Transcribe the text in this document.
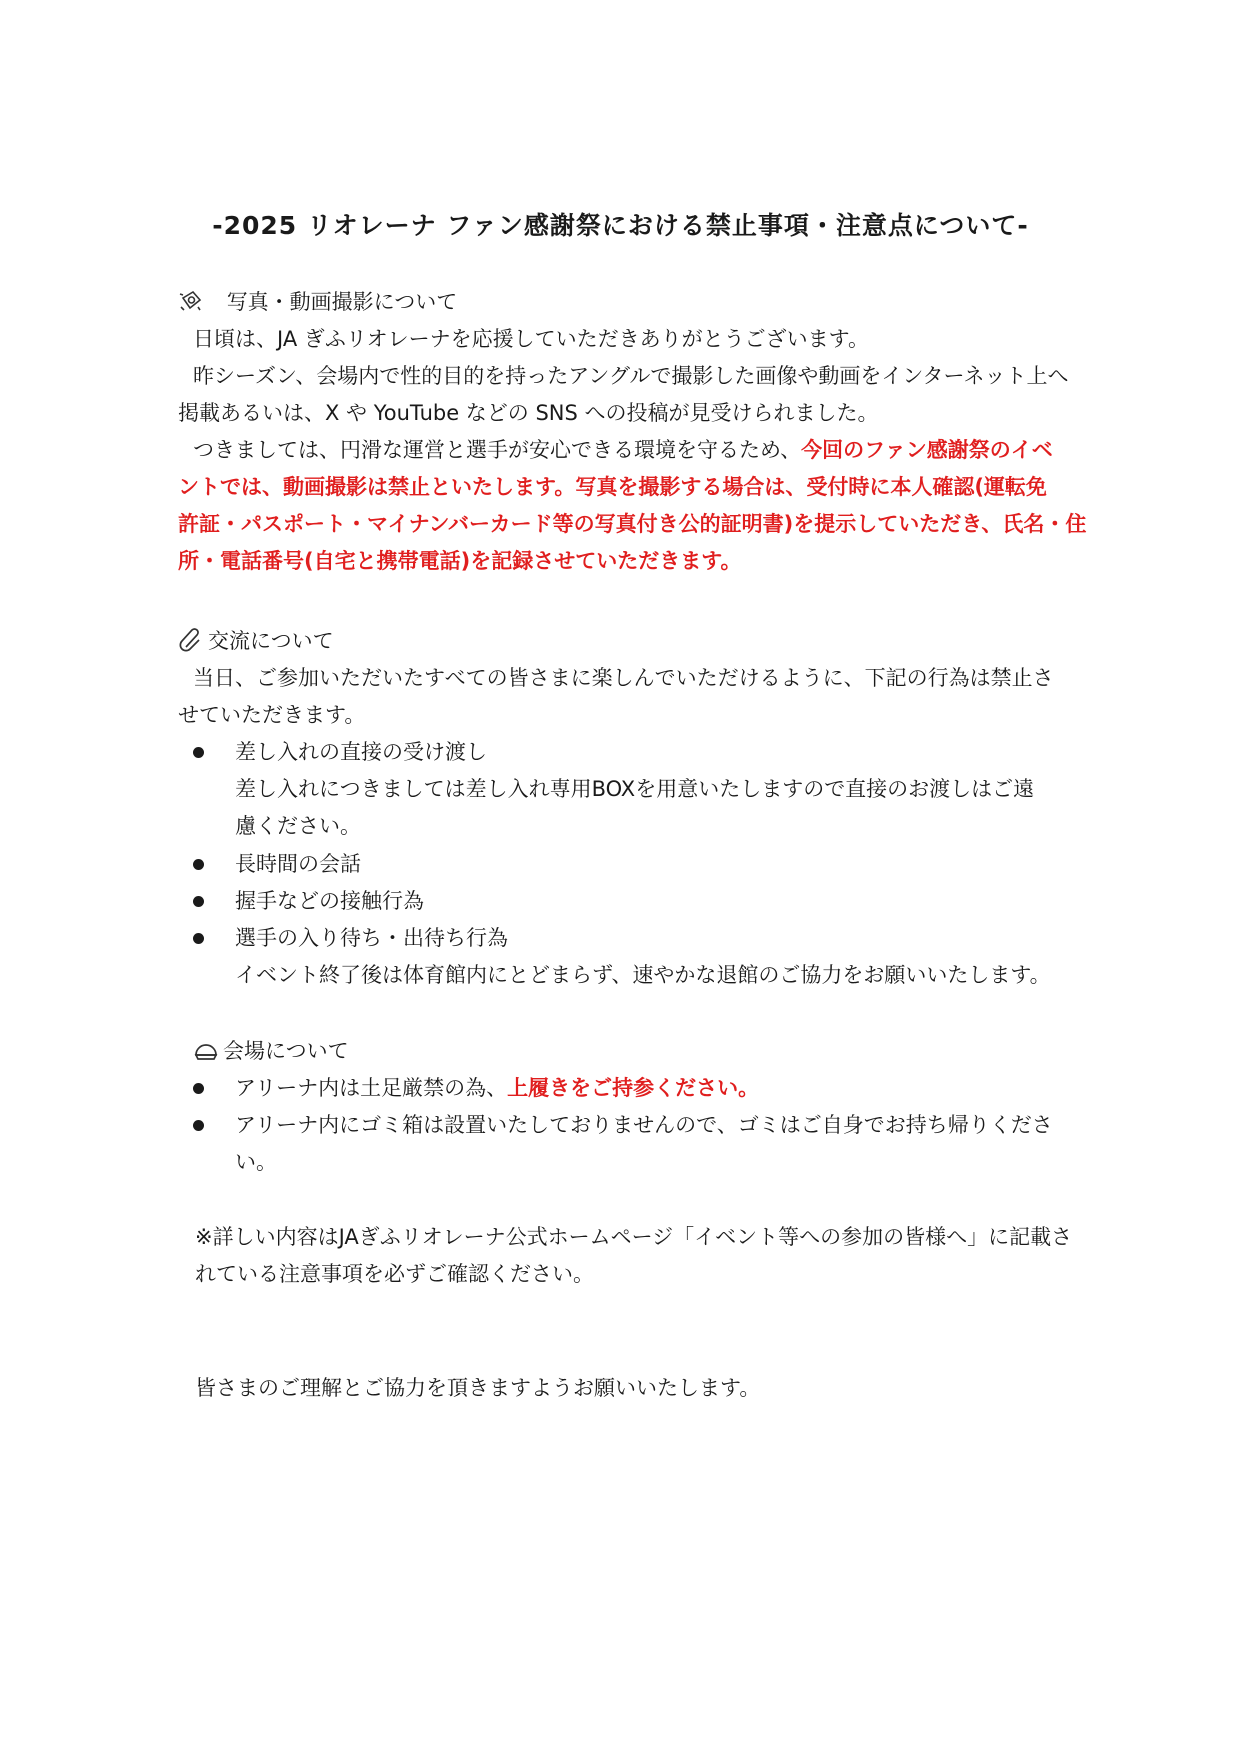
-2025 リオレーナ ファン感謝祭における禁止事項・注意点について-
写真・動画撮影について
日頃は、JA ぎふリオレーナを応援していただきありがとうございます。
昨シーズン、会場内で性的目的を持ったアングルで撮影した画像や動画をインターネット上へ
掲載あるいは、X や YouTube などの SNS への投稿が見受けられました。
つきましては、円滑な運営と選手が安心できる環境を守るため、今回のファン感謝祭のイベ
ントでは、動画撮影は禁止といたします。写真を撮影する場合は、受付時に本人確認(運転免
許証・パスポート・マイナンバーカード等の写真付き公的証明書)を提示していただき、氏名・住
所・電話番号(自宅と携帯電話)を記録させていただきます。
交流について
当日、ご参加いただいたすべての皆さまに楽しんでいただけるように、下記の行為は禁止さ
せていただきます。
差し入れの直接の受け渡し
差し入れにつきましては差し入れ専用BOXを用意いたしますので直接のお渡しはご遠
慮ください。
長時間の会話
握手などの接触行為
選手の入り待ち・出待ち行為
イベント終了後は体育館内にとどまらず、速やかな退館のご協力をお願いいたします。
会場について
アリーナ内は土足厳禁の為、上履きをご持参ください。
アリーナ内にゴミ箱は設置いたしておりませんので、ゴミはご自身でお持ち帰りくださ
い。
※詳しい内容はJAぎふリオレーナ公式ホームページ「イベント等への参加の皆様へ」に記載さ
れている注意事項を必ずご確認ください。
皆さまのご理解とご協力を頂きますようお願いいたします。
